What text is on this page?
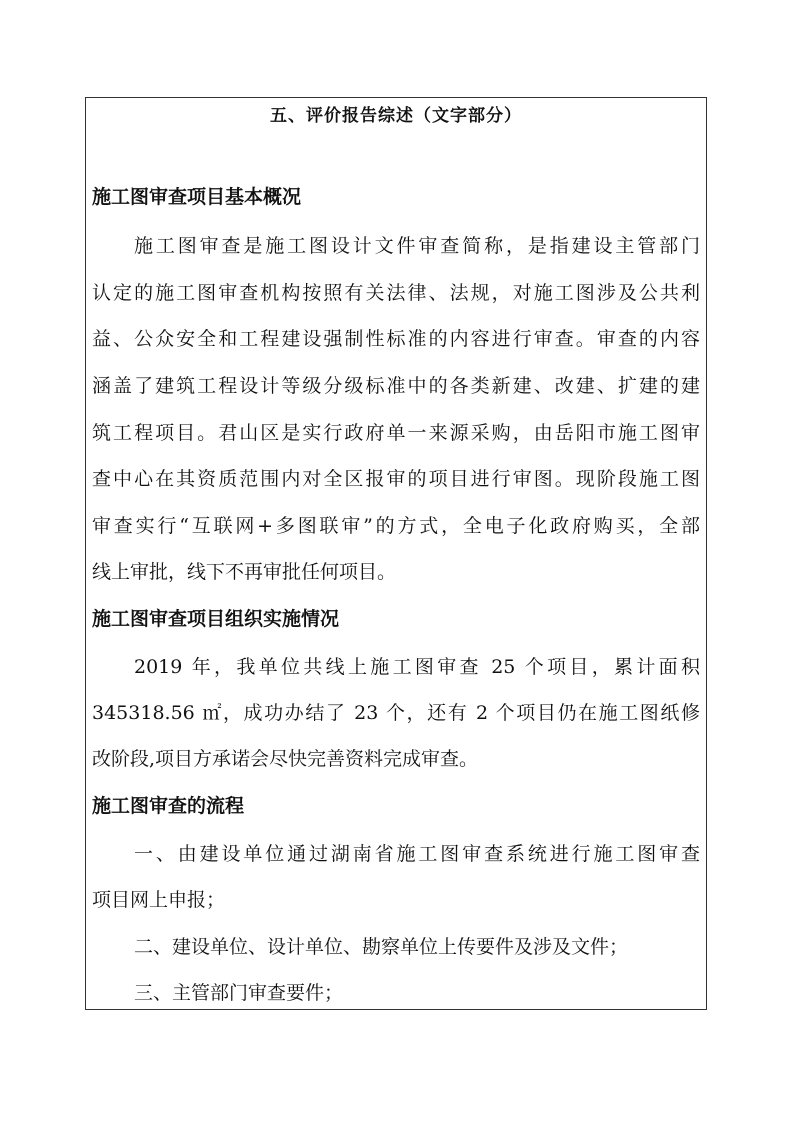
五、评价报告综述（文字部分）
施工图审查项目基本概况
施工图审查是施工图设计文件审查简称，是指建设主管部门
认定的施工图审查机构按照有关法律、法规，对施工图涉及公共利
益、公众安全和工程建设强制性标准的内容进行审查。审查的内容
涵盖了建筑工程设计等级分级标准中的各类新建、改建、扩建的建
筑工程项目。君山区是实行政府单一来源采购，由岳阳市施工图审
查中心在其资质范围内对全区报审的项目进行审图。现阶段施工图
审查实行“互联网+多图联审”的方式，全电子化政府购买，全部
线上审批，线下不再审批任何项目。
施工图审查项目组织实施情况
2019 年，我单位共线上施工图审查 25 个项目，累计面积
345318.56 ㎡，成功办结了 23 个，还有 2 个项目仍在施工图纸修
改阶段,项目方承诺会尽快完善资料完成审查。
施工图审查的流程
一、由建设单位通过湖南省施工图审查系统进行施工图审查
项目网上申报；
二、建设单位、设计单位、勘察单位上传要件及涉及文件；
三、主管部门审查要件；
